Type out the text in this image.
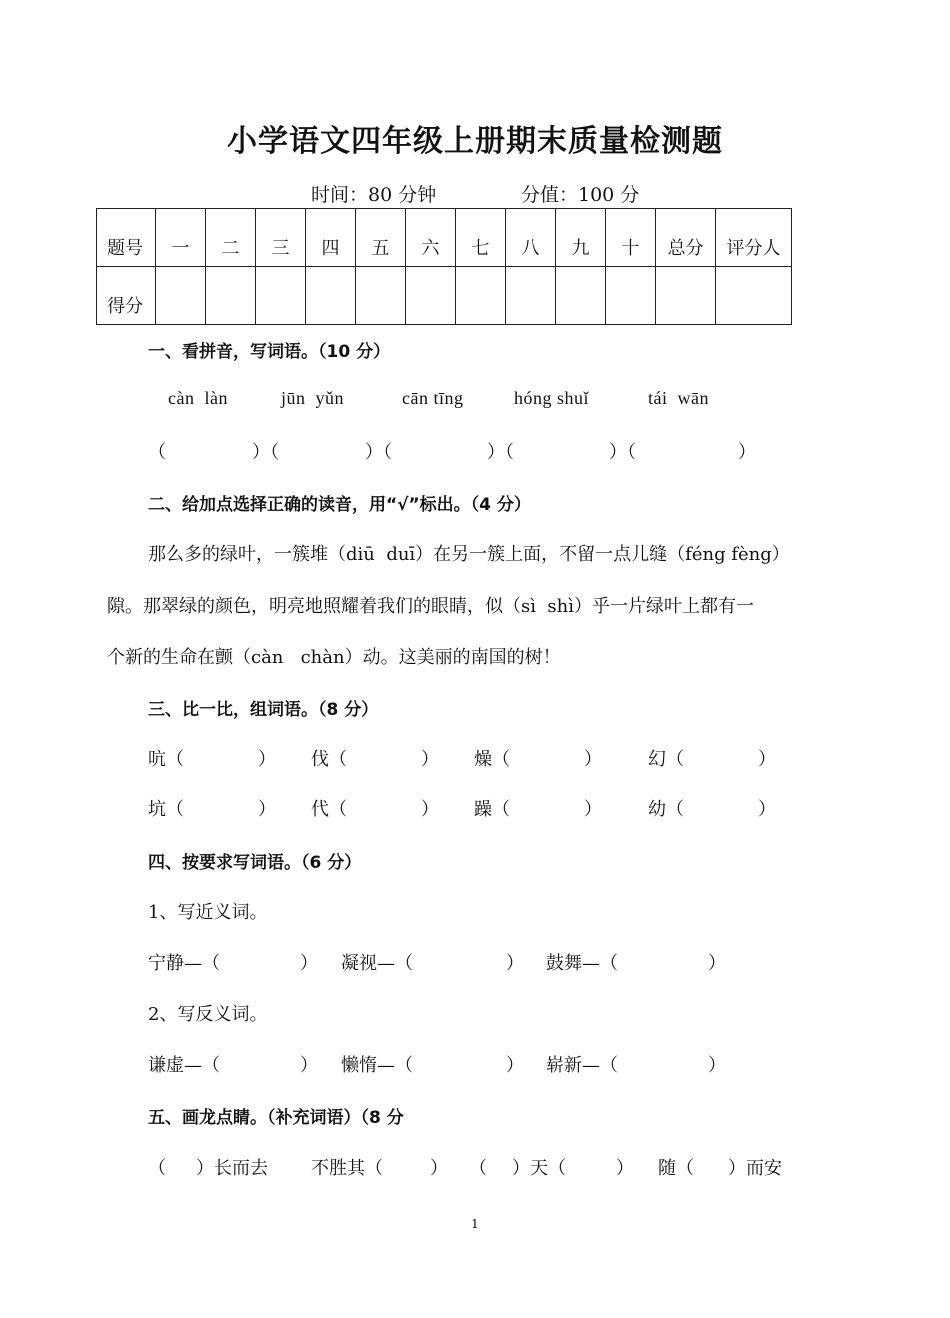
小学语文四年级上册期末质量检测题
时间：80 分钟	分值：100 分
题号	一	二	三	四	五	六	七	八	九	十	总分	评分人
得分												
一、看拼音，写词语。（10 分）
càn  làn	jūn  yǔn	cān tīng	hóng shuǐ	tái  wān
（	）（	）（	）（	）（	）
二、给加点选择正确的读音，用“√”标出。（4 分）
那么多的绿叶，一簇堆（diū  duī）在另一簇上面，不留一点儿缝（féng fèng）
隙。那翠绿的颜色，明亮地照耀着我们的眼睛，似（sì  shì）乎一片绿叶上都有一
个新的生命在颤（càn   chàn）动。这美丽的南国的树！
三、比一比，组词语。（8 分）
吭（	） 伐（	） 燥（	）	幻（	）
坑（	） 代（	） 躁（	）	幼（	）
四、按要求写词语。（6 分）
1、写近义词。
宁静—（	） 凝视—（	） 鼓舞—（	）
2、写反义词。
谦虚—（	） 懒惰—（	） 崭新—（	）
五、画龙点睛。（补充词语）（8 分
（ ）长而去 不胜其（	） （ ）天（	） 随（ ）而安
1
